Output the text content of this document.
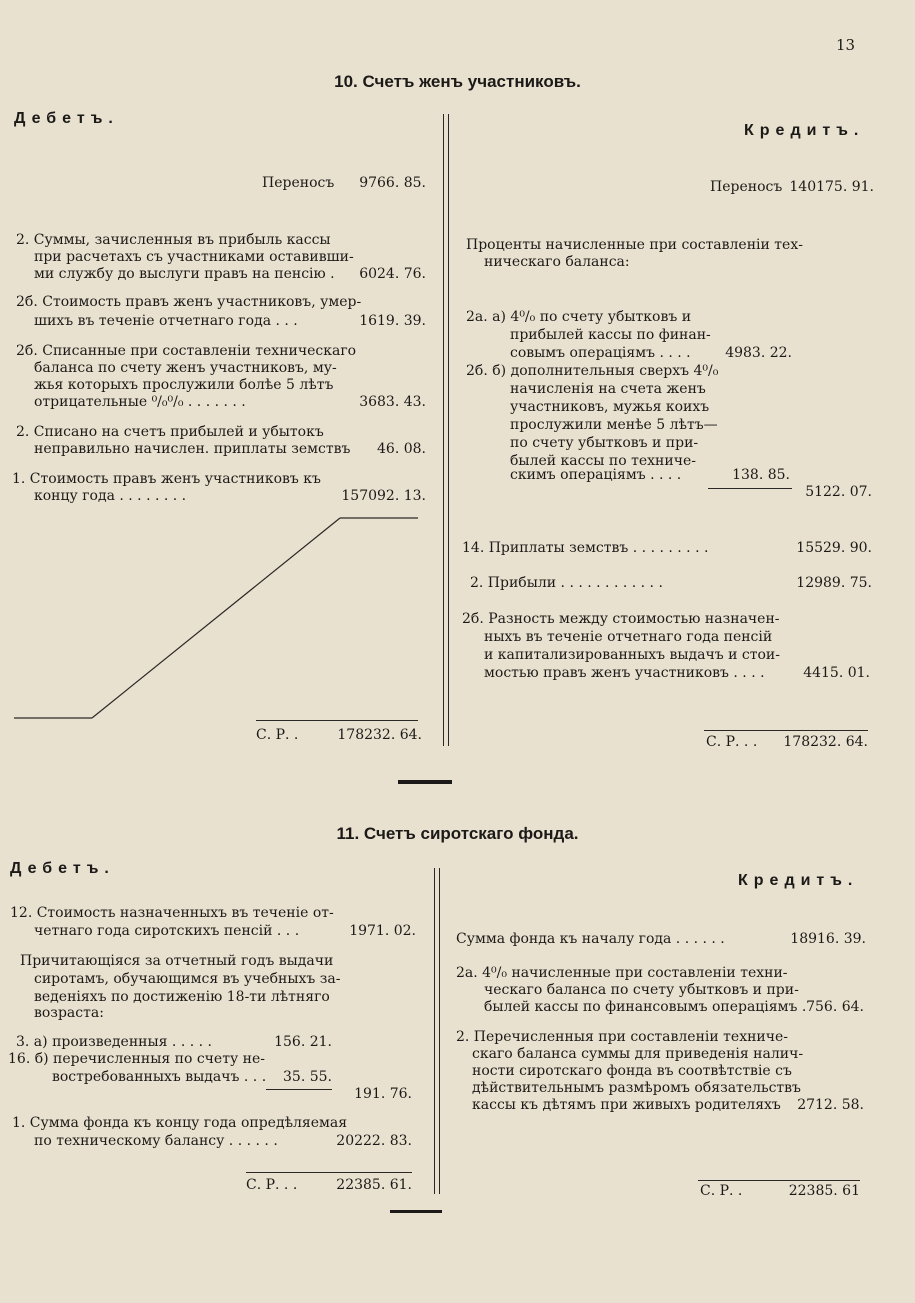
13
10. Счетъ женъ участниковъ.
Дебетъ.
Кредитъ.
Переносъ	9766. 85.
2. Суммы, зачисленныя въ прибыль кассы
при расчетахъ съ участниками оставивши-
ми службу до выслуги правъ на пенсію .	6024. 76.
2б. Стоимость правъ женъ участниковъ, умер-
шихъ въ теченіе отчетнаго года . . .	1619. 39.
2б. Списанные при составленіи техническаго
баланса по счету женъ участниковъ, му-
жья которыхъ прослужили болѣе 5 лѣтъ
отрицательные ⁰/₀⁰/₀ . . . . . . .	3683. 43.
2. Списано на счетъ прибылей и убытокъ
неправильно начислен. приплаты земствъ	46. 08.
1. Стоимость правъ женъ участниковъ къ
концу года . . . . . . . .	157092. 13.
С. Р. .	178232. 64.
Переносъ 140175. 91.
Проценты начисленные при составленіи тех-
ническаго баланса:
2а. а) 4⁰/₀ по счету убытковъ и
прибылей кассы по финан-
совымъ операціямъ . . . .	4983. 22.
2б. б) дополнительныя сверхъ 4⁰/₀
начисленія на счета женъ
участниковъ, мужья коихъ
прослужили менѣе 5 лѣтъ—
по счету убытковъ и при-
былей кассы по техниче-
скимъ операціямъ . . . .	138. 85.
5122. 07.
14. Приплаты земствъ . . . . . . . . .	15529. 90.
2. Прибыли . . . . . . . . . . . .	12989. 75.
2б. Разность между стоимостью назначен-
ныхъ въ теченіе отчетнаго года пенсій
и капитализированныхъ выдачъ и стои-
мостью правъ женъ участниковъ . . . .	4415. 01.
С. Р. . .	178232. 64.
11. Счетъ сиротскаго фонда.
Дебетъ.
Кредитъ.
12. Стоимость назначенныхъ въ теченіе от-
четнаго года сиротскихъ пенсій . . .	1971. 02.
Причитающіяся за отчетный годъ выдачи
сиротамъ, обучающимся въ учебныхъ за-
веденіяхъ по достиженію 18-ти лѣтняго
возраста:
3. а) произведенныя . . . . .	156. 21.
16. б) перечисленныя по счету не-
востребованныхъ выдачъ . . .	35. 55.
191. 76.
1. Сумма фонда къ концу года опредѣляемая
по техническому балансу . . . . . .	20222. 83.
С. Р. . .	22385. 61.
Сумма фонда къ началу года . . . . . .	18916. 39.
2а. 4⁰/₀ начисленные при составленіи техни-
ческаго баланса по счету убытковъ и при-
былей кассы по финансовымъ операціямъ . 756. 64.
2. Перечисленныя при составленіи техниче-
скаго баланса суммы для приведенія налич-
ности сиротскаго фонда въ соотвѣтствіе съ
дѣйствительнымъ размѣромъ обязательствъ
кассы къ дѣтямъ при живыхъ родителяхъ	2712. 58.
С. Р. .	22385. 61
